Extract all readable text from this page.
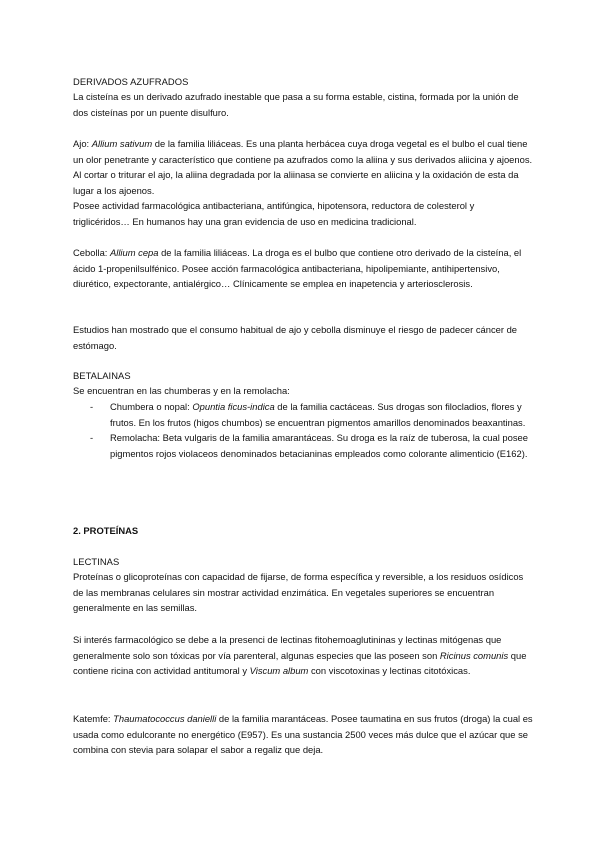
DERIVADOS AZUFRADOS

La cisteína es un derivado azufrado inestable que pasa a su forma estable, cistina, formada por la unión de dos cisteínas por un puente disulfuro.

Ajo: Allium sativum de la familia liliáceas. Es una planta herbácea cuya droga vegetal es el bulbo el cual tiene un olor penetrante y característico que contiene pa azufrados como la aliina y sus derivados aliicina y ajoenos. Al cortar o triturar el ajo, la aliina degradada por la aliinasa se convierte en aliicina y la oxidación de esta da lugar a los ajoenos.

Posee actividad farmacológica antibacteriana, antifúngica, hipotensora, reductora de colesterol y triglicéridos… En humanos hay una gran evidencia de uso en medicina tradicional.

Cebolla: Allium cepa de la familia liliáceas. La droga es el bulbo que contiene otro derivado de la cisteína, el ácido 1-propenilsulfénico. Posee acción farmacológica antibacteriana, hipolipemiante, antihipertensivo, diurético, expectorante, antialérgico… Clínicamente se emplea en inapetencia y arteriosclerosis.

Estudios han mostrado que el consumo habitual de ajo y cebolla disminuye el riesgo de padecer cáncer de estómago.

BETALAINAS

Se encuentran en las chumberas y en la remolacha:

- Chumbera o nopal: Opuntia ficus-indica de la familia cactáceas. Sus drogas son filocladios, flores y frutos. En los frutos (higos chumbos) se encuentran pigmentos amarillos denominados beaxantinas.
- Remolacha: Beta vulgaris de la familia amarantáceas. Su droga es la raíz de tuberosa, la cual posee pigmentos rojos violaceos denominados betacianinas empleados como colorante alimenticio (E162).
2. PROTEÍNAS
LECTINAS

Proteínas o glicoproteínas con capacidad de fijarse, de forma específica y reversible, a los residuos osídicos de las membranas celulares sin mostrar actividad enzimática. En vegetales superiores se encuentran generalmente en las semillas.

Si interés farmacológico se debe a la presenci de lectinas fitohemoaglutininas y lectinas mitógenas que generalmente solo son tóxicas por vía parenteral, algunas especies que las poseen son Ricinus comunis que contiene ricina con actividad antitumoral y Viscum album con viscotoxinas y lectinas citotóxicas.

Katemfe: Thaumatococcus danielli de la familia marantáceas. Posee taumatina en sus frutos (droga) la cual es usada como edulcorante no energético (E957). Es una sustancia 2500 veces más dulce que el azúcar que se combina con stevia para solapar el sabor a regaliz que deja.
